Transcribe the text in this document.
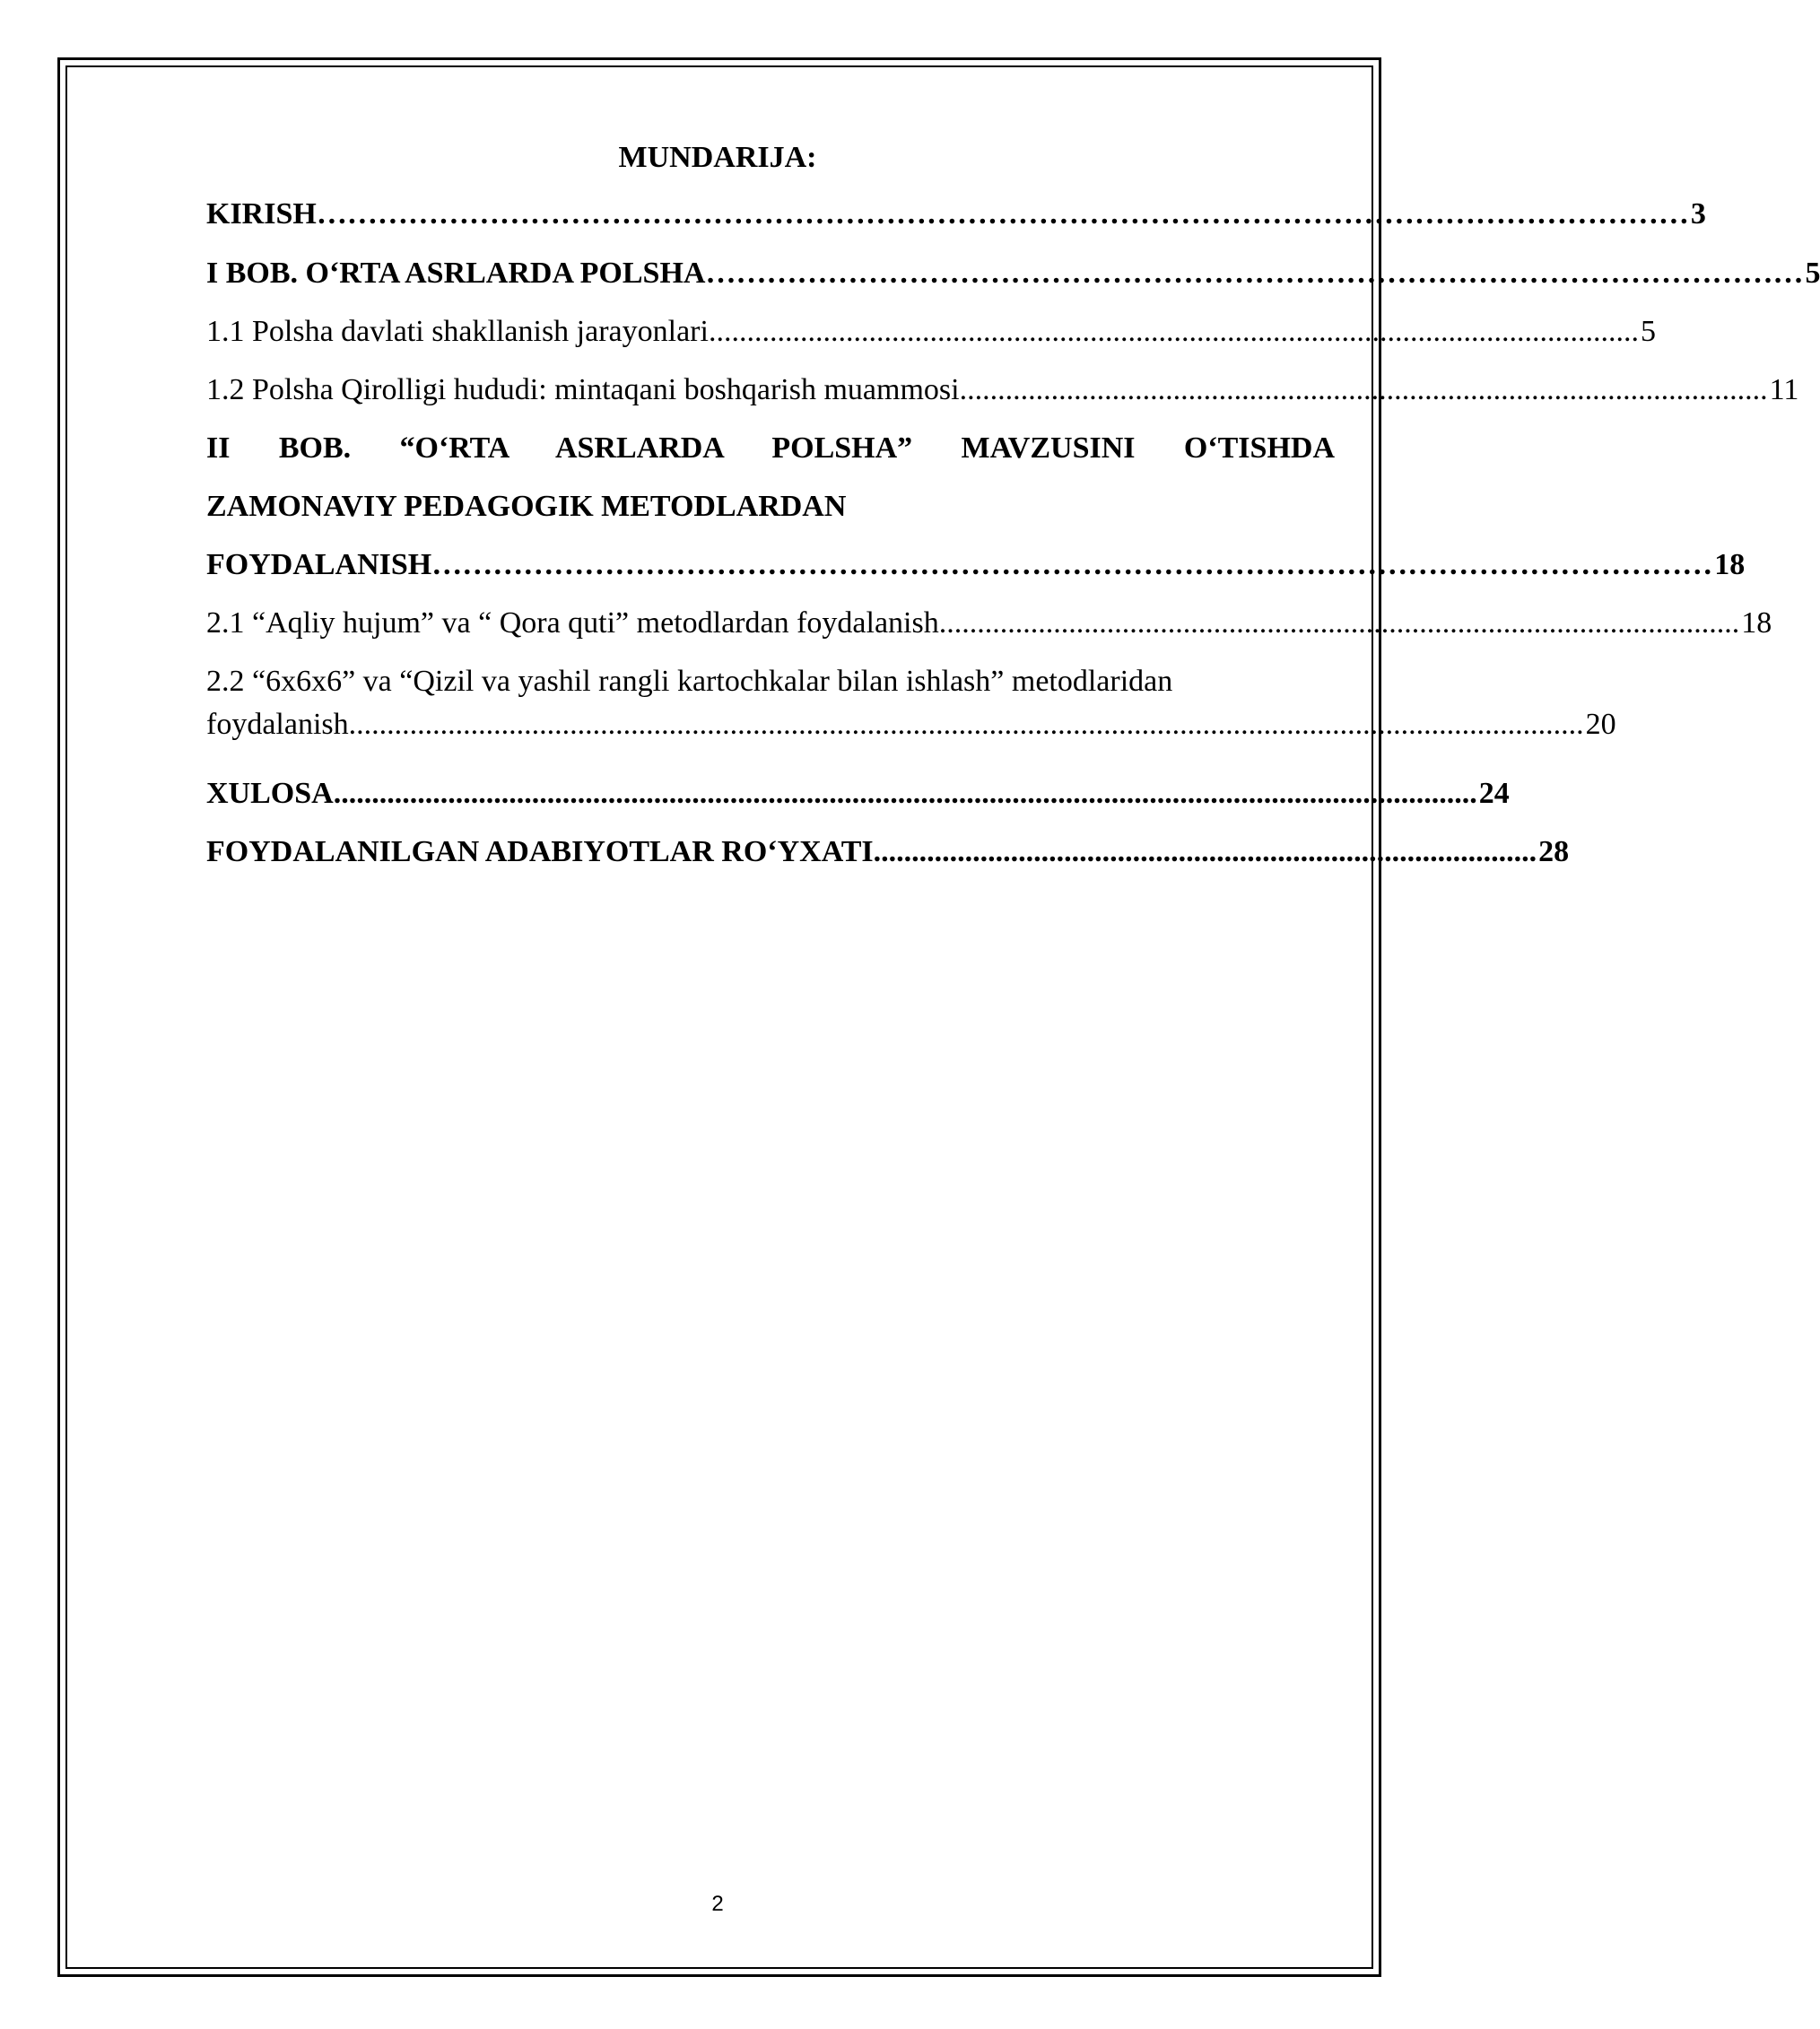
MUNDARIJA:
KIRISH ……………………………………………………………………………………………………………………… 3
I BOB. O‘RTA ASRLARDA POLSHA ……………………………………………………………………………………………… 5
1.1 Polsha davlati shakllanish jarayonlari .......................................................................................................................... 5
1.2 Polsha Qirolligi hududi: mintaqani boshqarish muammosi .......................................................................................................... 11
II BOB. “O‘RTA ASRLARDA POLSHA” MAVZUSINI O‘TISHDA
ZAMONAVIY PEDAGOGIK METODLARDAN
FOYDALANISH ……………………………………………………………………………………………………………… 18
2.1 “Aqliy hujum” va “ Qora quti” metodlardan foydalanish ......................................................................................................... 18
2.2 “6x6x6” va “Qizil va yashil rangli kartochkalar bilan ishlash” metodlaridan
foydalanish .................................................................................................................................................................. 20
XULOSA ...................................................................................................................................................... 24
FOYDALANILGAN ADABIYOTLAR RO‘YXATI ....................................................................................... 28
2
